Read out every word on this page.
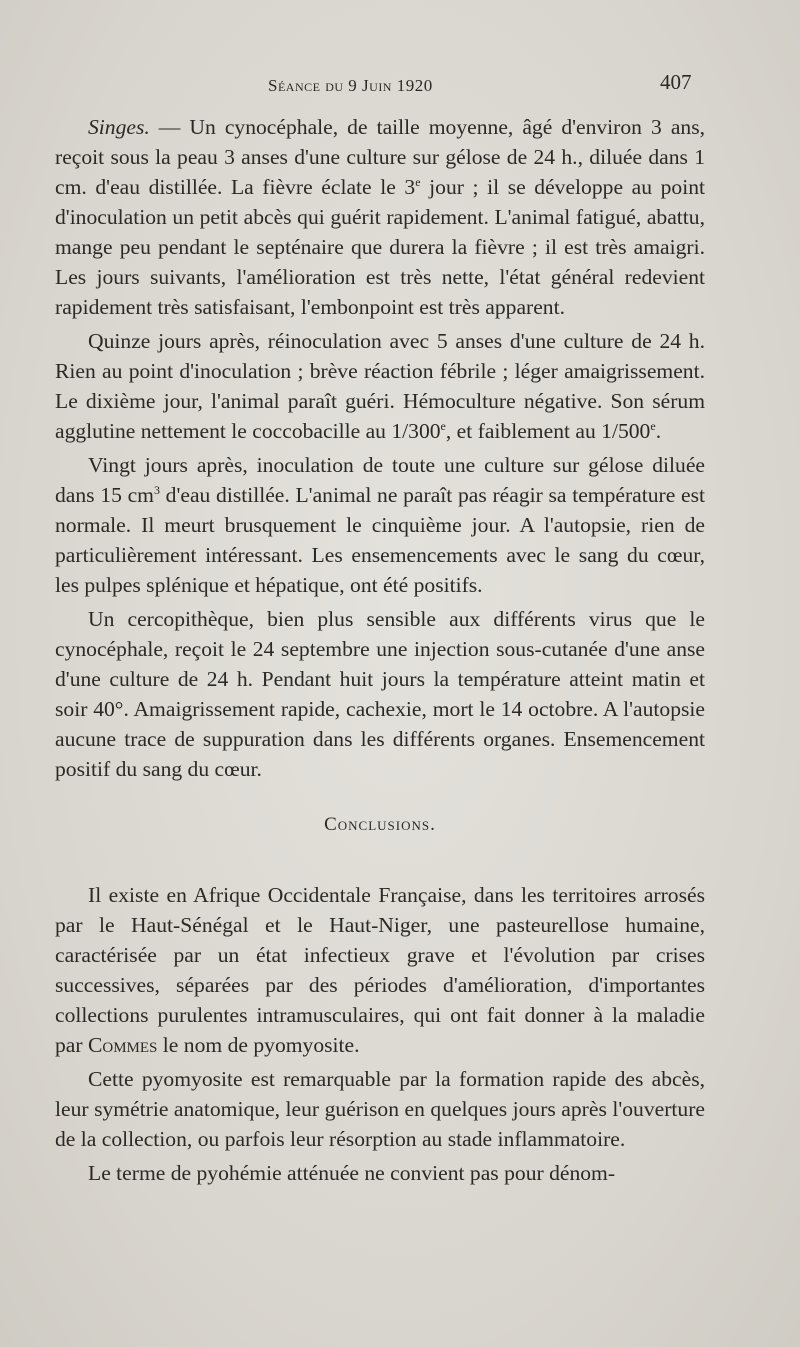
Séance du 9 Juin 1920	407

Singes. — Un cynocéphale, de taille moyenne, âgé d'environ 3 ans, reçoit sous la peau 3 anses d'une culture sur gélose de 24 h., diluée dans 1 cm. d'eau distillée. La fièvre éclate le 3e jour ; il se développe au point d'inoculation un petit abcès qui guérit rapidement. L'animal fatigué, abattu, mange peu pendant le septénaire que durera la fièvre ; il est très amaigri. Les jours suivants, l'amélioration est très nette, l'état général redevient rapidement très satisfaisant, l'embonpoint est très apparent.

Quinze jours après, réinoculation avec 5 anses d'une culture de 24 h. Rien au point d'inoculation ; brève réaction fébrile ; léger amaigrissement. Le dixième jour, l'animal paraît guéri. Hémoculture négative. Son sérum agglutine nettement le coccobacille au 1/300e, et faiblement au 1/500e.

Vingt jours après, inoculation de toute une culture sur gélose diluée dans 15 $cm^3$ d'eau distillée. L'animal ne paraît pas réagir sa température est normale. Il meurt brusquement le cinquième jour. A l'autopsie, rien de particulièrement intéressant. Les ensemencements avec le sang du cœur, les pulpes splénique et hépatique, ont été positifs.

Un cercopithèque, bien plus sensible aux différents virus que le cynocéphale, reçoit le 24 septembre une injection sous-cutanée d'une anse d'une culture de 24 h. Pendant huit jours la température atteint matin et soir 40°. Amaigrissement rapide, cachexie, mort le 14 octobre. A l'autopsie aucune trace de suppuration dans les différents organes. Ensemencement positif du sang du cœur.

Conclusions.

Il existe en Afrique Occidentale Française, dans les territoires arrosés par le Haut-Sénégal et le Haut-Niger, une pasteurellose humaine, caractérisée par un état infectieux grave et l'évolution par crises successives, séparées par des périodes d'amélioration, d'importantes collections purulentes intramusculaires, qui ont fait donner à la maladie par Commes le nom de pyomyosite.

Cette pyomyosite est remarquable par la formation rapide des abcès, leur symétrie anatomique, leur guérison en quelques jours après l'ouverture de la collection, ou parfois leur résorption au stade inflammatoire.

Le terme de pyohémie atténuée ne convient pas pour dénom-
